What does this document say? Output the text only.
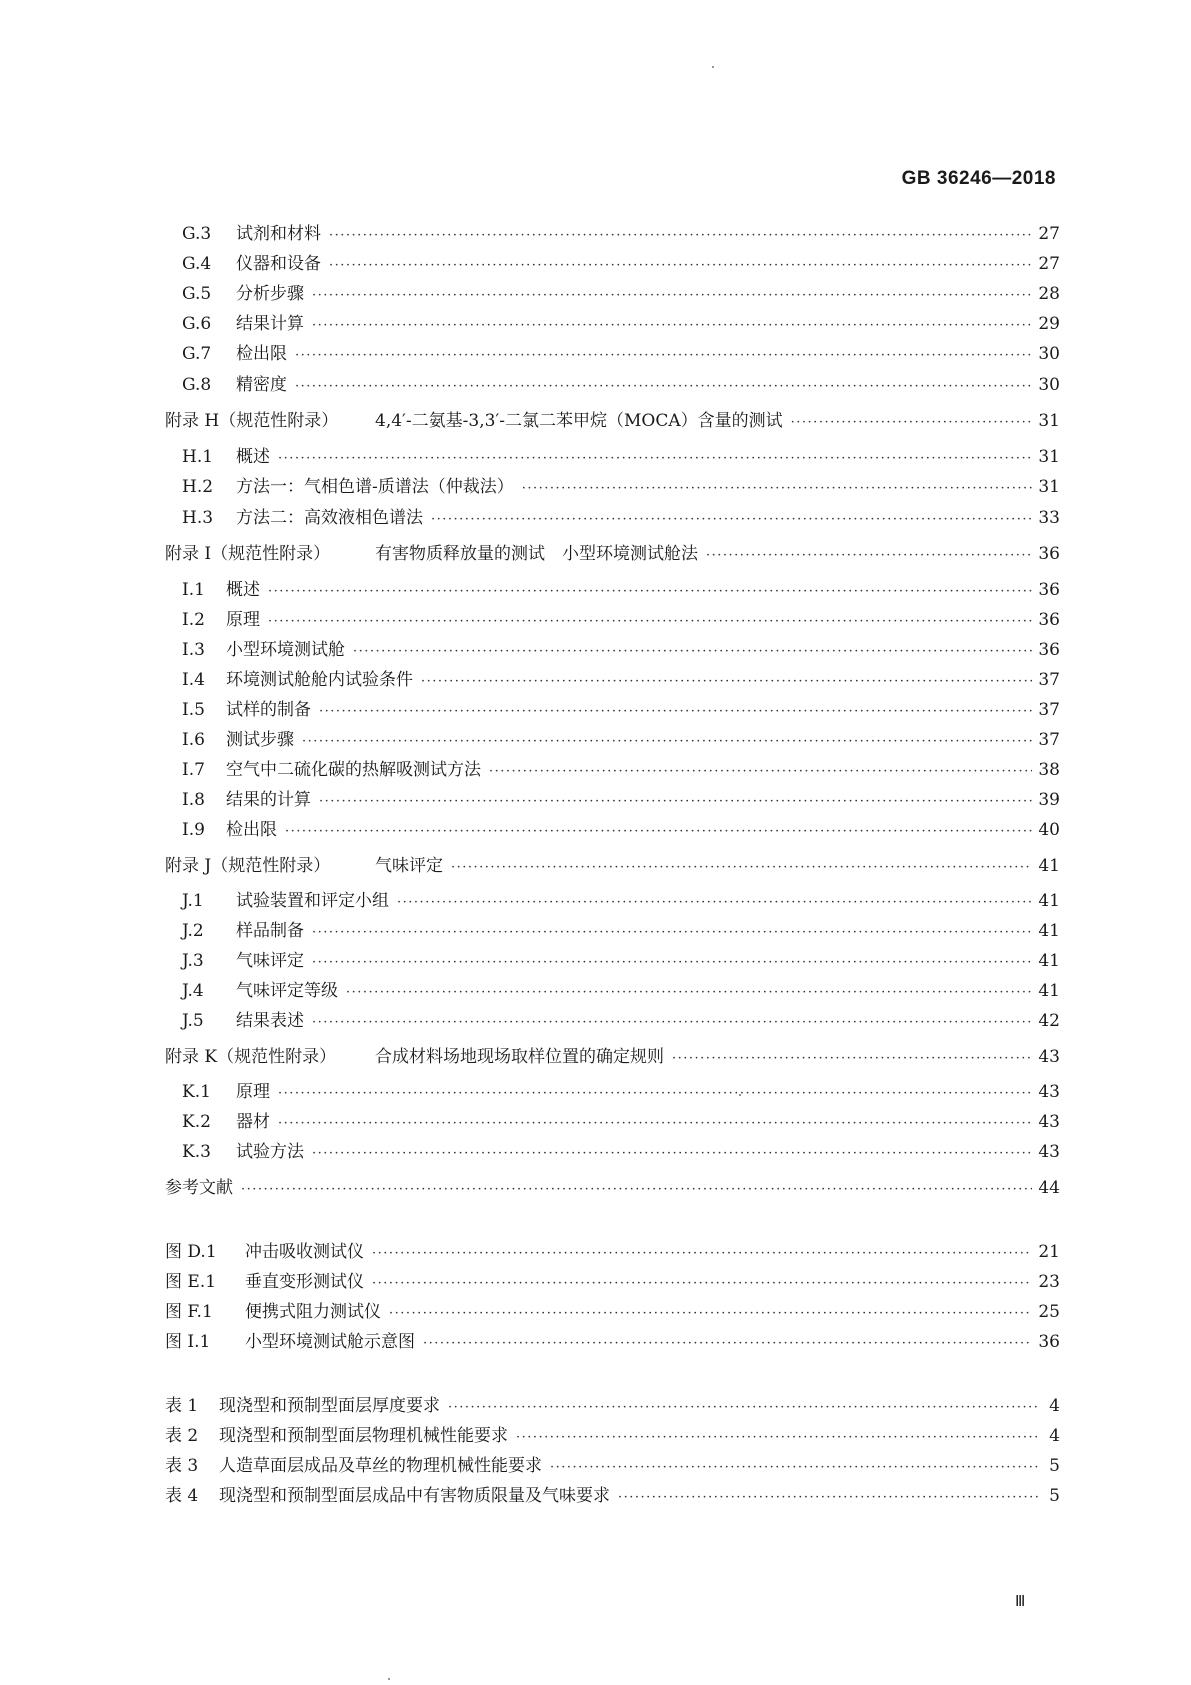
GB 36246—2018
G.3	试剂和材料 ·····	27
G.4	仪器和设备 ·····	27
G.5	分析步骤 ·····	28
G.6	结果计算 ·····	29
G.7	检出限 ·····	30
G.8	精密度 ·····	30
附录 H（规范性附录）	4,4′-二氨基-3,3′-二氯二苯甲烷（MOCA）含量的测试 ·····	31
H.1	概述 ·····	31
H.2	方法一：气相色谱-质谱法（仲裁法） ·····	31
H.3	方法二：高效液相色谱法 ·····	33
附录 I（规范性附录）	有害物质释放量的测试　小型环境测试舱法 ·····	36
I.1	概述 ·····	36
I.2	原理 ·····	36
I.3	小型环境测试舱 ·····	36
I.4	环境测试舱舱内试验条件 ·····	37
I.5	试样的制备 ·····	37
I.6	测试步骤 ·····	37
I.7	空气中二硫化碳的热解吸测试方法 ·····	38
I.8	结果的计算 ·····	39
I.9	检出限 ·····	40
附录 J（规范性附录）	气味评定 ·····	41
J.1	试验装置和评定小组 ·····	41
J.2	样品制备 ·····	41
J.3	气味评定 ·····	41
J.4	气味评定等级 ·····	41
J.5	结果表述 ·····	42
附录 K（规范性附录）	合成材料场地现场取样位置的确定规则 ·····	43
K.1	原理 ·····	43
K.2	器材 ·····	43
K.3	试验方法 ·····	43
参考文献 ·····	44
图 D.1	冲击吸收测试仪 ·····	21
图 E.1	垂直变形测试仪 ·····	23
图 F.1	便携式阻力测试仪 ·····	25
图 I.1	小型环境测试舱示意图 ·····	36
表 1	现浇型和预制型面层厚度要求 ·····	4
表 2	现浇型和预制型面层物理机械性能要求 ·····	4
表 3	人造草面层成品及草丝的物理机械性能要求 ·····	5
表 4	现浇型和预制型面层成品中有害物质限量及气味要求 ·····	5
Ⅲ
